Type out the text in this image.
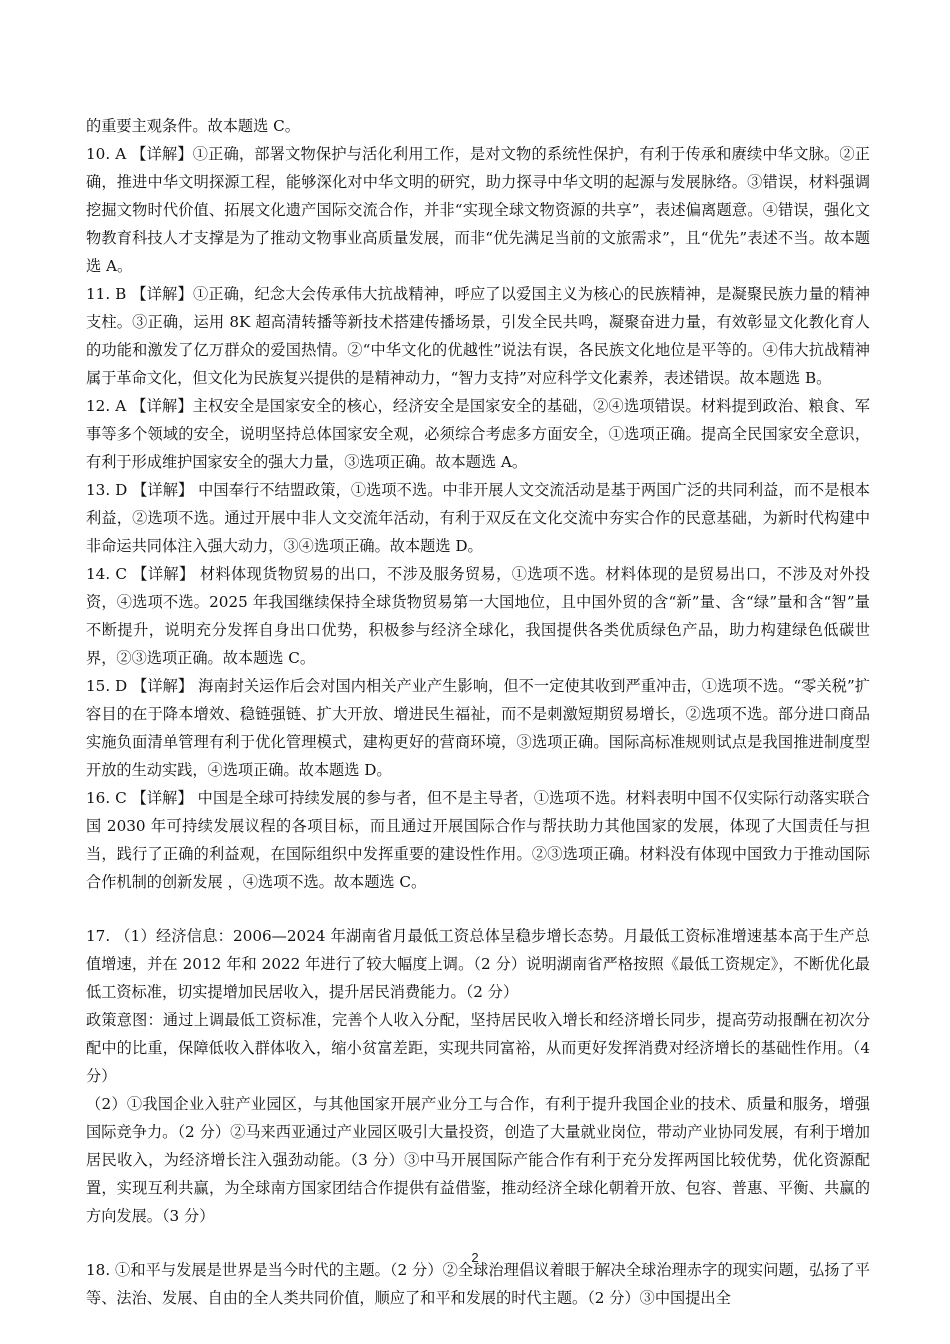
的重要主观条件。故本题选 C。

10. A 【详解】①正确，部署文物保护与活化利用工作，是对文物的系统性保护，有利于传承和赓续中华文脉。②正确，推进中华文明探源工程，能够深化对中华文明的研究，助力探寻中华文明的起源与发展脉络。③错误，材料强调挖掘文物时代价值、拓展文化遗产国际交流合作，并非“实现全球文物资源的共享”，表述偏离题意。④错误，强化文物教育科技人才支撑是为了推动文物事业高质量发展，而非“优先满足当前的文旅需求”，且“优先”表述不当。故本题选 A。

11. B 【详解】①正确，纪念大会传承伟大抗战精神，呼应了以爱国主义为核心的民族精神，是凝聚民族力量的精神支柱。③正确，运用 8K 超高清转播等新技术搭建传播场景，引发全民共鸣，凝聚奋进力量，有效彰显文化教化育人的功能和激发了亿万群众的爱国热情。②“中华文化的优越性”说法有误，各民族文化地位是平等的。④伟大抗战精神属于革命文化，但文化为民族复兴提供的是精神动力，“智力支持”对应科学文化素养，表述错误。故本题选 B。

12. A 【详解】主权安全是国家安全的核心，经济安全是国家安全的基础，②④选项错误。材料提到政治、粮食、军事等多个领域的安全，说明坚持总体国家安全观，必须综合考虑多方面安全，①选项正确。提高全民国家安全意识，有利于形成维护国家安全的强大力量，③选项正确。故本题选 A。

13. D 【详解】 中国奉行不结盟政策，①选项不选。中非开展人文交流活动是基于两国广泛的共同利益，而不是根本利益，②选项不选。通过开展中非人文交流年活动，有利于双反在文化交流中夯实合作的民意基础，为新时代构建中非命运共同体注入强大动力，③④选项正确。故本题选 D。

14. C 【详解】 材料体现货物贸易的出口，不涉及服务贸易，①选项不选。材料体现的是贸易出口，不涉及对外投资，④选项不选。2025 年我国继续保持全球货物贸易第一大国地位，且中国外贸的含“新”量、含“绿”量和含“智”量不断提升，说明充分发挥自身出口优势，积极参与经济全球化，我国提供各类优质绿色产品，助力构建绿色低碳世界，②③选项正确。故本题选 C。

15. D 【详解】 海南封关运作后会对国内相关产业产生影响，但不一定使其收到严重冲击，①选项不选。“零关税”扩容目的在于降本增效、稳链强链、扩大开放、增进民生福祉，而不是刺激短期贸易增长，②选项不选。部分进口商品实施负面清单管理有利于优化管理模式，建构更好的营商环境，③选项正确。国际高标准规则试点是我国推进制度型开放的生动实践，④选项正确。故本题选 D。

16. C 【详解】 中国是全球可持续发展的参与者，但不是主导者，①选项不选。材料表明中国不仅实际行动落实联合国 2030 年可持续发展议程的各项目标，而且通过开展国际合作与帮扶助力其他国家的发展，体现了大国责任与担当，践行了正确的利益观，在国际组织中发挥重要的建设性作用。②③选项正确。材料没有体现中国致力于推动国际合作机制的创新发展 ，④选项不选。故本题选 C。

17. （1）经济信息：2006—2024 年湖南省月最低工资总体呈稳步增长态势。月最低工资标准增速基本高于生产总值增速，并在 2012 年和 2022 年进行了较大幅度上调。（2 分）说明湖南省严格按照《最低工资规定》，不断优化最低工资标准，切实提增加民居收入，提升居民消费能力。（2 分）

政策意图：通过上调最低工资标准，完善个人收入分配，坚持居民收入增长和经济增长同步，提高劳动报酬在初次分配中的比重，保障低收入群体收入，缩小贫富差距，实现共同富裕，从而更好发挥消费对经济增长的基础性作用。（4 分）

（2）①我国企业入驻产业园区，与其他国家开展产业分工与合作，有利于提升我国企业的技术、质量和服务，增强国际竞争力。（2 分）②马来西亚通过产业园区吸引大量投资，创造了大量就业岗位，带动产业协同发展，有利于增加居民收入，为经济增长注入强劲动能。（3 分）③中马开展国际产能合作有利于充分发挥两国比较优势，优化资源配置，实现互利共赢，为全球南方国家团结合作提供有益借鉴，推动经济全球化朝着开放、包容、普惠、平衡、共赢的方向发展。（3 分）

18. ①和平与发展是世界是当今时代的主题。（2 分）②全球治理倡议着眼于解决全球治理赤字的现实问题，弘扬了平等、法治、发展、自由的全人类共同价值，顺应了和平和发展的时代主题。（2 分）③中国提出全

2
